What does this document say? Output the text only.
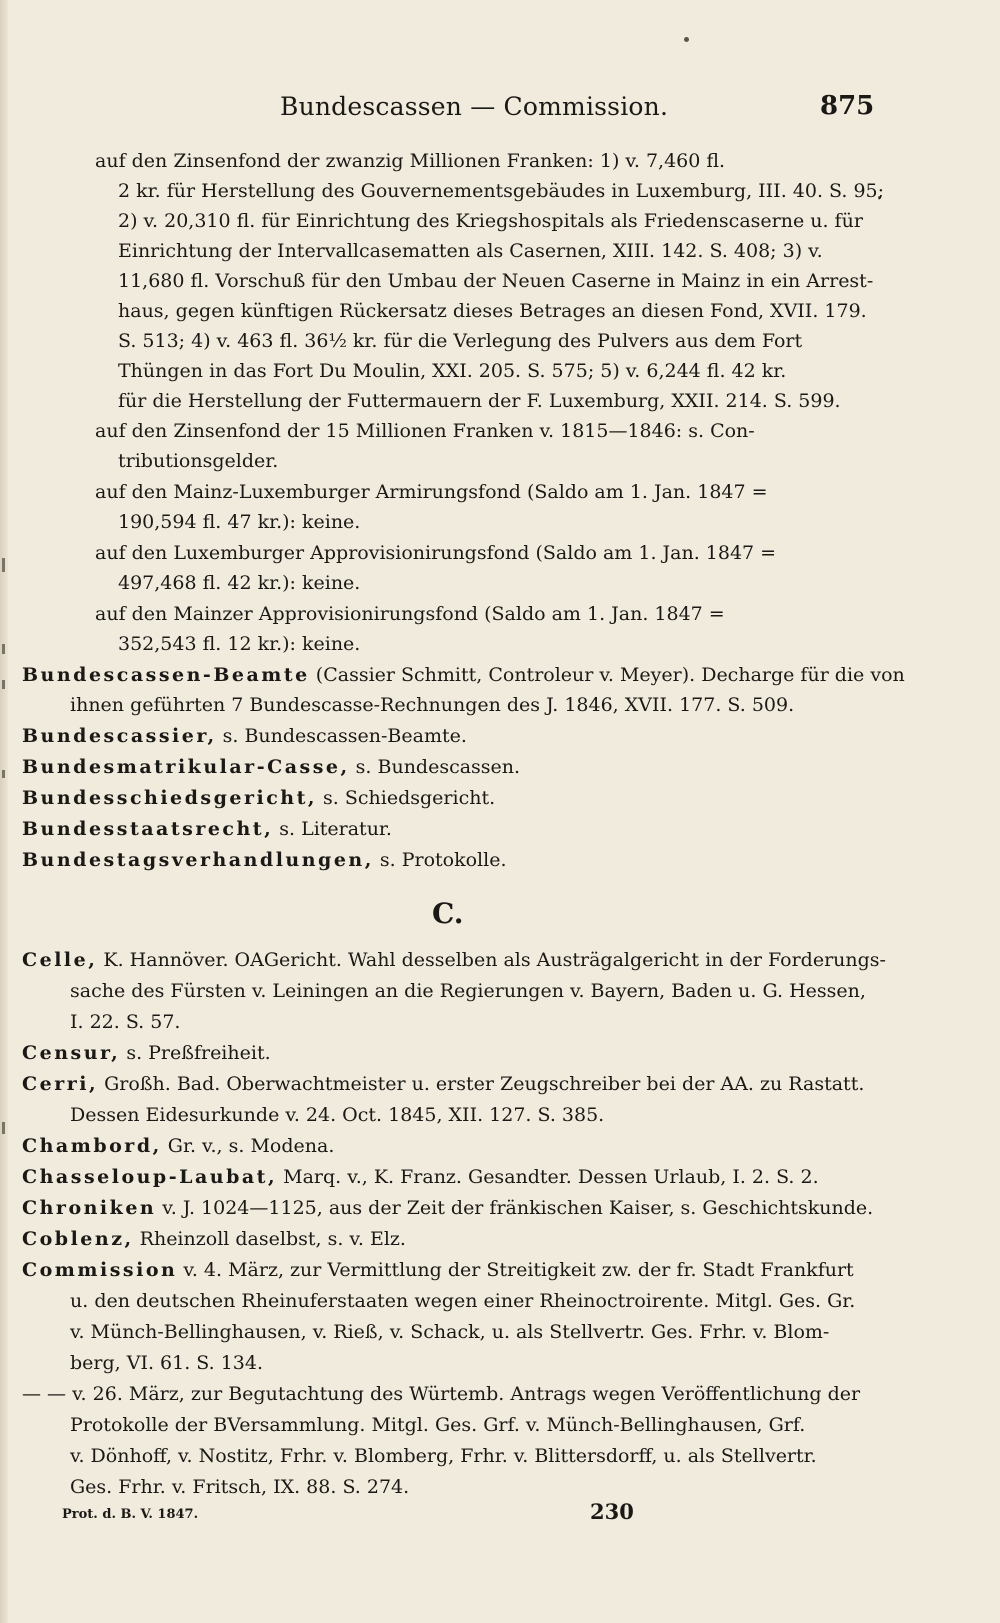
Bundescassen — Commission.	875
auf den Zinsenfond der zwanzig Millionen Franken: 1) v. 7,460 fl.
2 kr. für Herstellung des Gouvernementsgebäudes in Luxemburg, III. 40. S. 95;
2) v. 20,310 fl. für Einrichtung des Kriegshospitals als Friedenscaserne u. für
Einrichtung der Intervallcasematten als Casernen, XIII. 142. S. 408; 3) v.
11,680 fl. Vorschuß für den Umbau der Neuen Caserne in Mainz in ein Arrest-
haus, gegen künftigen Rückersatz dieses Betrages an diesen Fond, XVII. 179.
S. 513; 4) v. 463 fl. 36½ kr. für die Verlegung des Pulvers aus dem Fort
Thüngen in das Fort Du Moulin, XXI. 205. S. 575; 5) v. 6,244 fl. 42 kr.
für die Herstellung der Futtermauern der F. Luxemburg, XXII. 214. S. 599.
auf den Zinsenfond der 15 Millionen Franken v. 1815—1846: s. Con-
tributionsgelder.
auf den Mainz-Luxemburger Armirungsfond (Saldo am 1. Jan. 1847 =
190,594 fl. 47 kr.): keine.
auf den Luxemburger Approvisionirungsfond (Saldo am 1. Jan. 1847 =
497,468 fl. 42 kr.): keine.
auf den Mainzer Approvisionirungsfond (Saldo am 1. Jan. 1847 =
352,543 fl. 12 kr.): keine.
Bundescassen-Beamte (Cassier Schmitt, Controleur v. Meyer). Decharge für die von
ihnen geführten 7 Bundescasse-Rechnungen des J. 1846, XVII. 177. S. 509.
Bundescassier, s. Bundescassen-Beamte.
Bundesmatrikular-Casse, s. Bundescassen.
Bundesschiedsgericht, s. Schiedsgericht.
Bundesstaatsrecht, s. Literatur.
Bundestagsverhandlungen, s. Protokolle.
C.
Celle, K. Hannöver. OAGericht. Wahl desselben als Austrägalgericht in der Forderungs-
sache des Fürsten v. Leiningen an die Regierungen v. Bayern, Baden u. G. Hessen,
I. 22. S. 57.
Censur, s. Preßfreiheit.
Cerri, Großh. Bad. Oberwachtmeister u. erster Zeugschreiber bei der AA. zu Rastatt.
Dessen Eidesurkunde v. 24. Oct. 1845, XII. 127. S. 385.
Chambord, Gr. v., s. Modena.
Chasseloup-Laubat, Marq. v., K. Franz. Gesandter. Dessen Urlaub, I. 2. S. 2.
Chroniken v. J. 1024—1125, aus der Zeit der fränkischen Kaiser, s. Geschichtskunde.
Coblenz, Rheinzoll daselbst, s. v. Elz.
Commission v. 4. März, zur Vermittlung der Streitigkeit zw. der fr. Stadt Frankfurt
u. den deutschen Rheinuferstaaten wegen einer Rheinoctroirente. Mitgl. Ges. Gr.
v. Münch-Bellinghausen, v. Rieß, v. Schack, u. als Stellvertr. Ges. Frhr. v. Blom-
berg, VI. 61. S. 134.
— — v. 26. März, zur Begutachtung des Würtemb. Antrags wegen Veröffentlichung der
Protokolle der BVersammlung. Mitgl. Ges. Grf. v. Münch-Bellinghausen, Grf.
v. Dönhoff, v. Nostitz, Frhr. v. Blomberg, Frhr. v. Blittersdorff, u. als Stellvertr.
Ges. Frhr. v. Fritsch, IX. 88. S. 274.
Prot. d. B. V. 1847.	230
